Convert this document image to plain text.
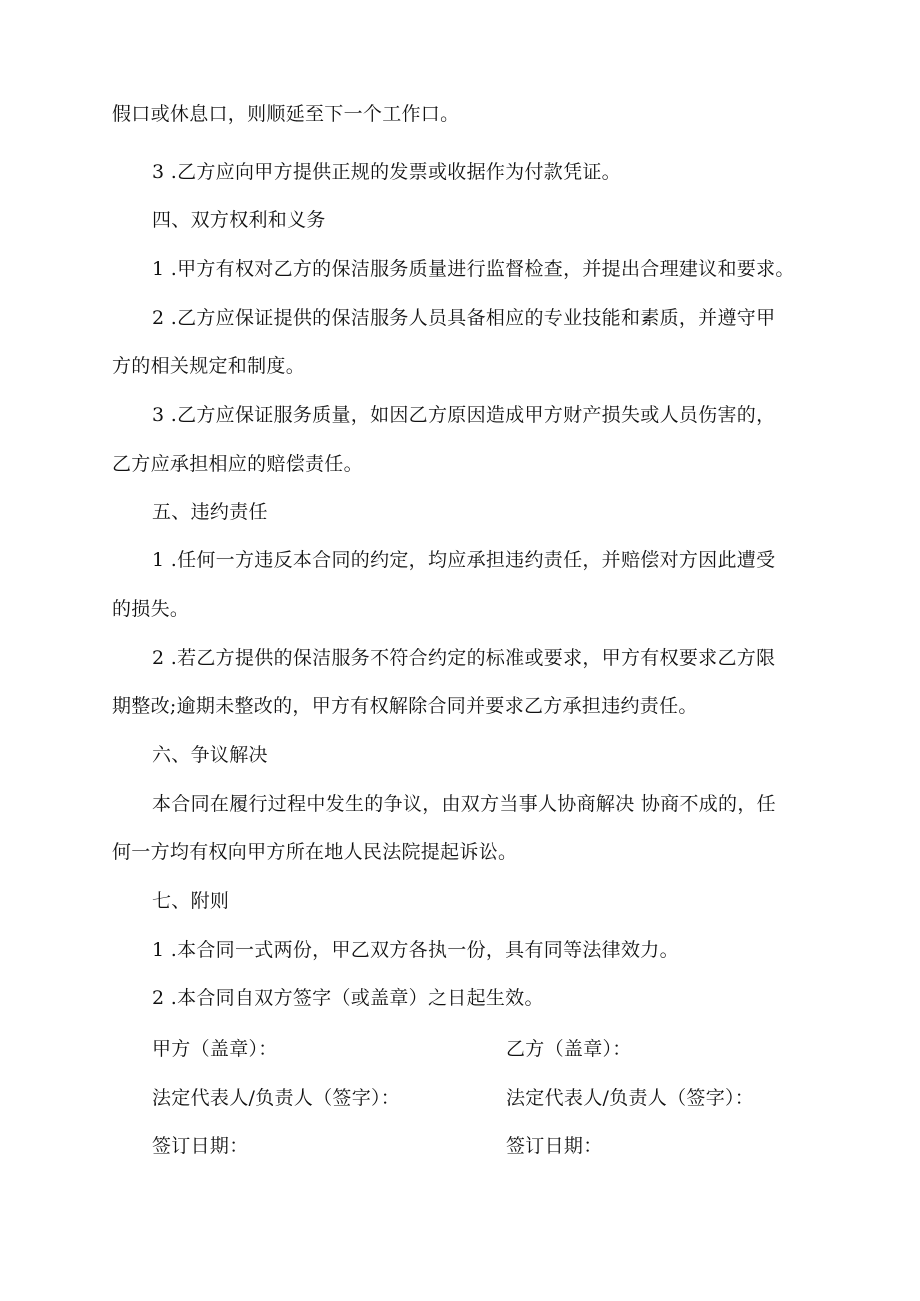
假口或休息口，则顺延至下一个工作口。
3 .乙方应向甲方提供正规的发票或收据作为付款凭证。
四、双方权利和义务
1 .甲方有权对乙方的保洁服务质量进行监督检查，并提出合理建议和要求。
2 .乙方应保证提供的保洁服务人员具备相应的专业技能和素质，并遵守甲
方的相关规定和制度。
3 .乙方应保证服务质量，如因乙方原因造成甲方财产损失或人员伤害的，
乙方应承担相应的赔偿责任。
五、违约责任
1 .任何一方违反本合同的约定，均应承担违约责任，并赔偿对方因此遭受
的损失。
2 .若乙方提供的保洁服务不符合约定的标准或要求，甲方有权要求乙方限
期整改;逾期未整改的，甲方有权解除合同并要求乙方承担违约责任。
六、争议解决
本合同在履行过程中发生的争议，由双方当事人协商解决 协商不成的，任
何一方均有权向甲方所在地人民法院提起诉讼。
七、附则
1 .本合同一式两份，甲乙双方各执一份，具有同等法律效力。
2 .本合同自双方签字（或盖章）之日起生效。
甲方（盖章）：	乙方（盖章）：
法定代表人/负责人（签字）：	法定代表人/负责人（签字）：
签订日期：	签订日期：
